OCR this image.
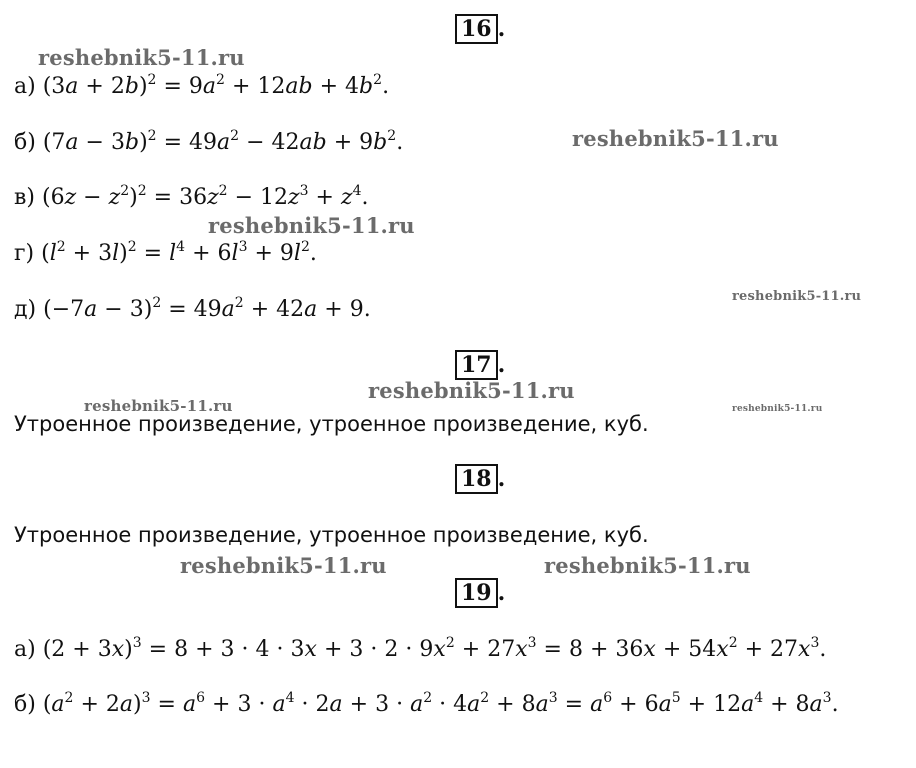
16 .
reshebnik5-11.ru
а) $(3a + 2b)^2 = 9a^2 + 12ab + 4b^2$.
б) $(7a - 3b)^2 = 49a^2 - 42ab + 9b^2$.	reshebnik5-11.ru
в) $(6z - z^2)^2 = 36z^2 - 12z^3 + z^4$.
reshebnik5-11.ru
г) $(l^2 + 3l)^2 = l^4 + 6l^3 + 9l^2$.
reshebnik5-11.ru
д) $(-7a - 3)^2 = 49a^2 + 42a + 9$.
17 .
reshebnik5-11.ru
reshebnik5-11.ru	reshebnik5-11.ru
Утроенное произведение, утроенное произведение, куб.
18 .
Утроенное произведение, утроенное произведение, куб.
reshebnik5-11.ru	reshebnik5-11.ru
19 .
а) $(2 + 3x)^3 = 8 + 3 \cdot 4 \cdot 3x + 3 \cdot 2 \cdot 9x^2 + 27x^3 = 8 + 36x + 54x^2 + 27x^3$.
б) $(a^2 + 2a)^3 = a^6 + 3 \cdot a^4 \cdot 2a + 3 \cdot a^2 \cdot 4a^2 + 8a^3 = a^6 + 6a^5 + 12a^4 + 8a^3$.
